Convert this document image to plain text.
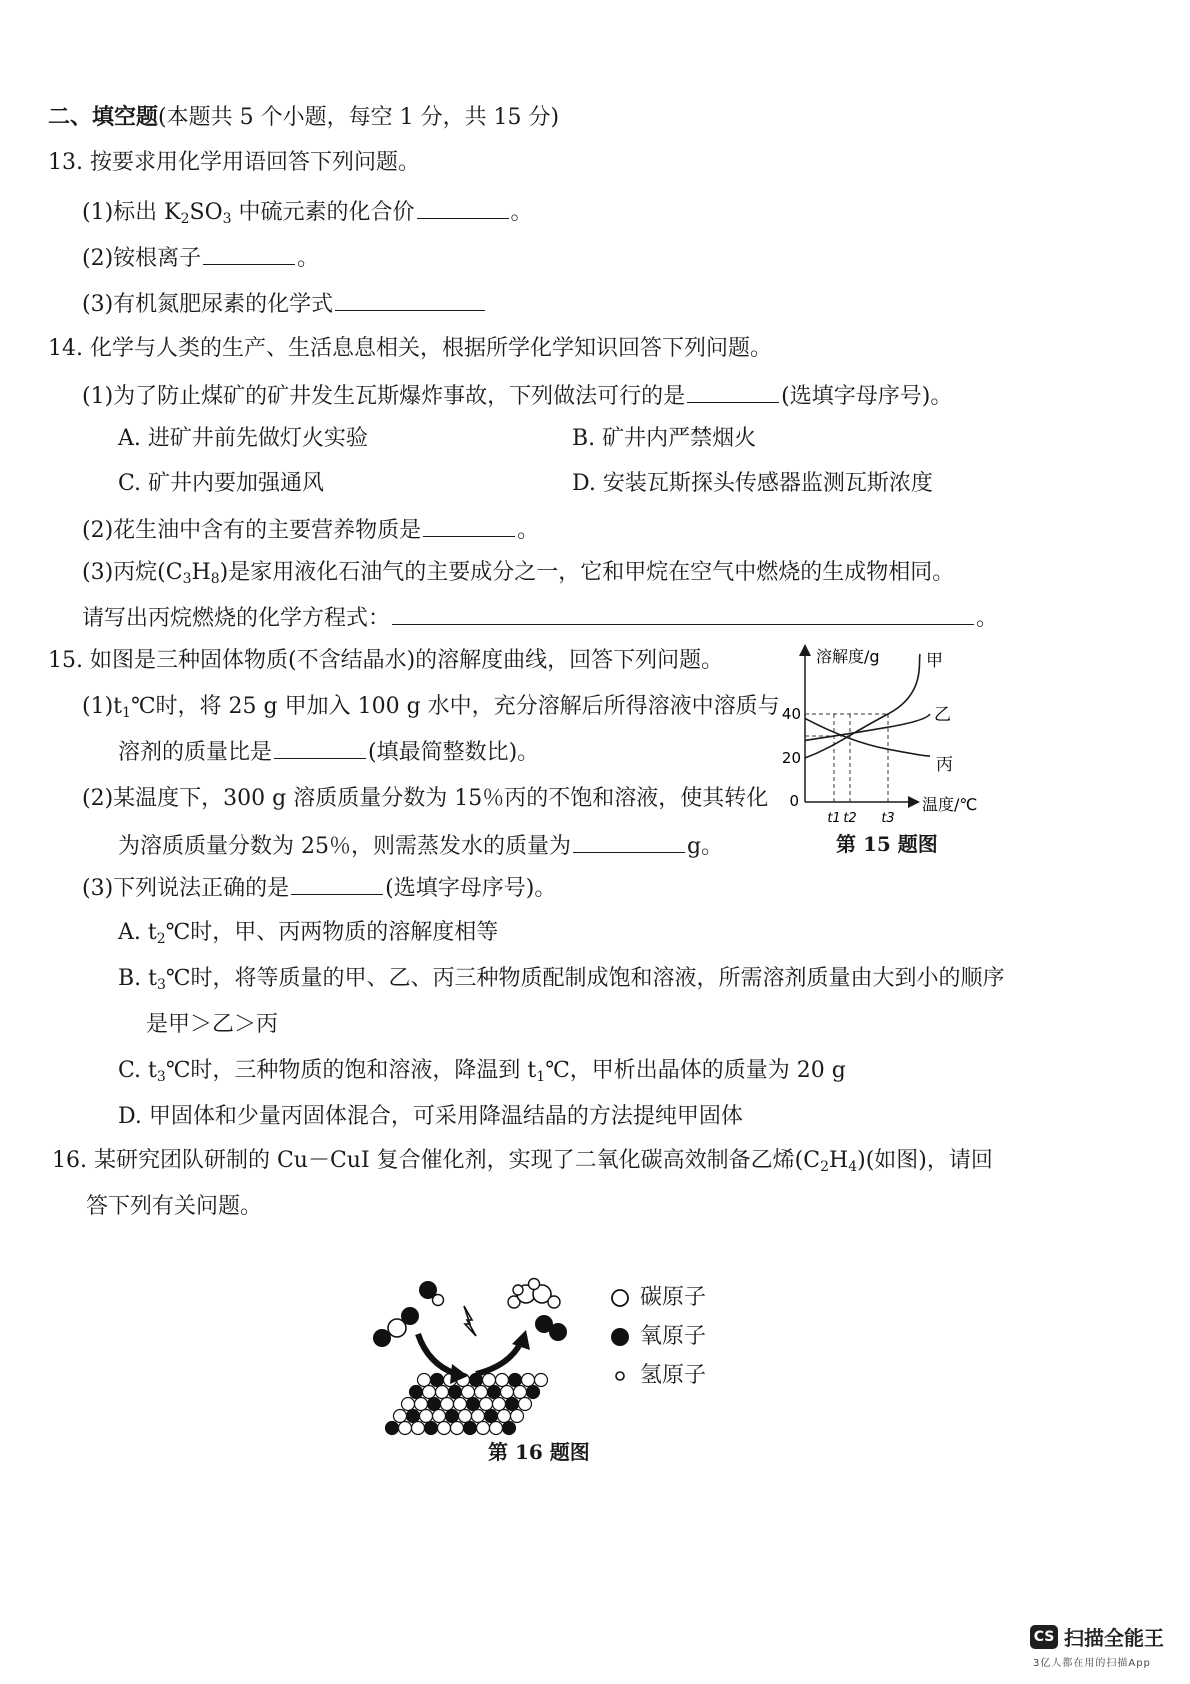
二、填空题(本题共 5 个小题，每空 1 分，共 15 分)
13. 按要求用化学用语回答下列问题。
(1)标出 $K_2SO_3$ 中硫元素的化合价	。
(2)铵根离子	。
(3)有机氮肥尿素的化学式
14. 化学与人类的生产、生活息息相关，根据所学化学知识回答下列问题。
(1)为了防止煤矿的矿井发生瓦斯爆炸事故，下列做法可行的是	(选填字母序号)。
A. 进矿井前先做灯火实验	B. 矿井内严禁烟火
C. 矿井内要加强通风	D. 安装瓦斯探头传感器监测瓦斯浓度
(2)花生油中含有的主要营养物质是	。
(3)丙烷$(C_3H_8)$是家用液化石油气的主要成分之一，它和甲烷在空气中燃烧的生成物相同。
请写出丙烷燃烧的化学方程式：	。
15. 如图是三种固体物质(不含结晶水)的溶解度曲线，回答下列问题。
$(1)t_1℃$时，将 25 g 甲加入 100 g 水中，充分溶解后所得溶液中溶质与
溶剂的质量比是	(填最简整数比)。
(2)某温度下，300 g 溶质质量分数为 15％丙的不饱和溶液，使其转化
为溶质质量分数为 25％，则需蒸发水的质量为	g。
(3)下列说法正确的是	(选填字母序号)。
A. $t_2℃$时，甲、丙两物质的溶解度相等
B. $t_3℃$时，将等质量的甲、乙、丙三种物质配制成饱和溶液，所需溶剂质量由大到小的顺序
是甲＞乙＞丙
C. $t_3℃$时，三种物质的饱和溶液，降温到 $t_1℃$，甲析出晶体的质量为 20 g
D. 甲固体和少量丙固体混合，可采用降温结晶的方法提纯甲固体
溶解度/g
温度/℃
0
20
40
t1 t2 t3
甲
乙
丙
第 15 题图
16. 某研究团队研制的 Cu－CuI 复合催化剂，实现了二氧化碳高效制备乙烯$(C_2H_4)$(如图)，请回
答下列有关问题。
碳原子
氧原子
氢原子
第 16 题图
CS 扫描全能王
3亿人都在用的扫描App
